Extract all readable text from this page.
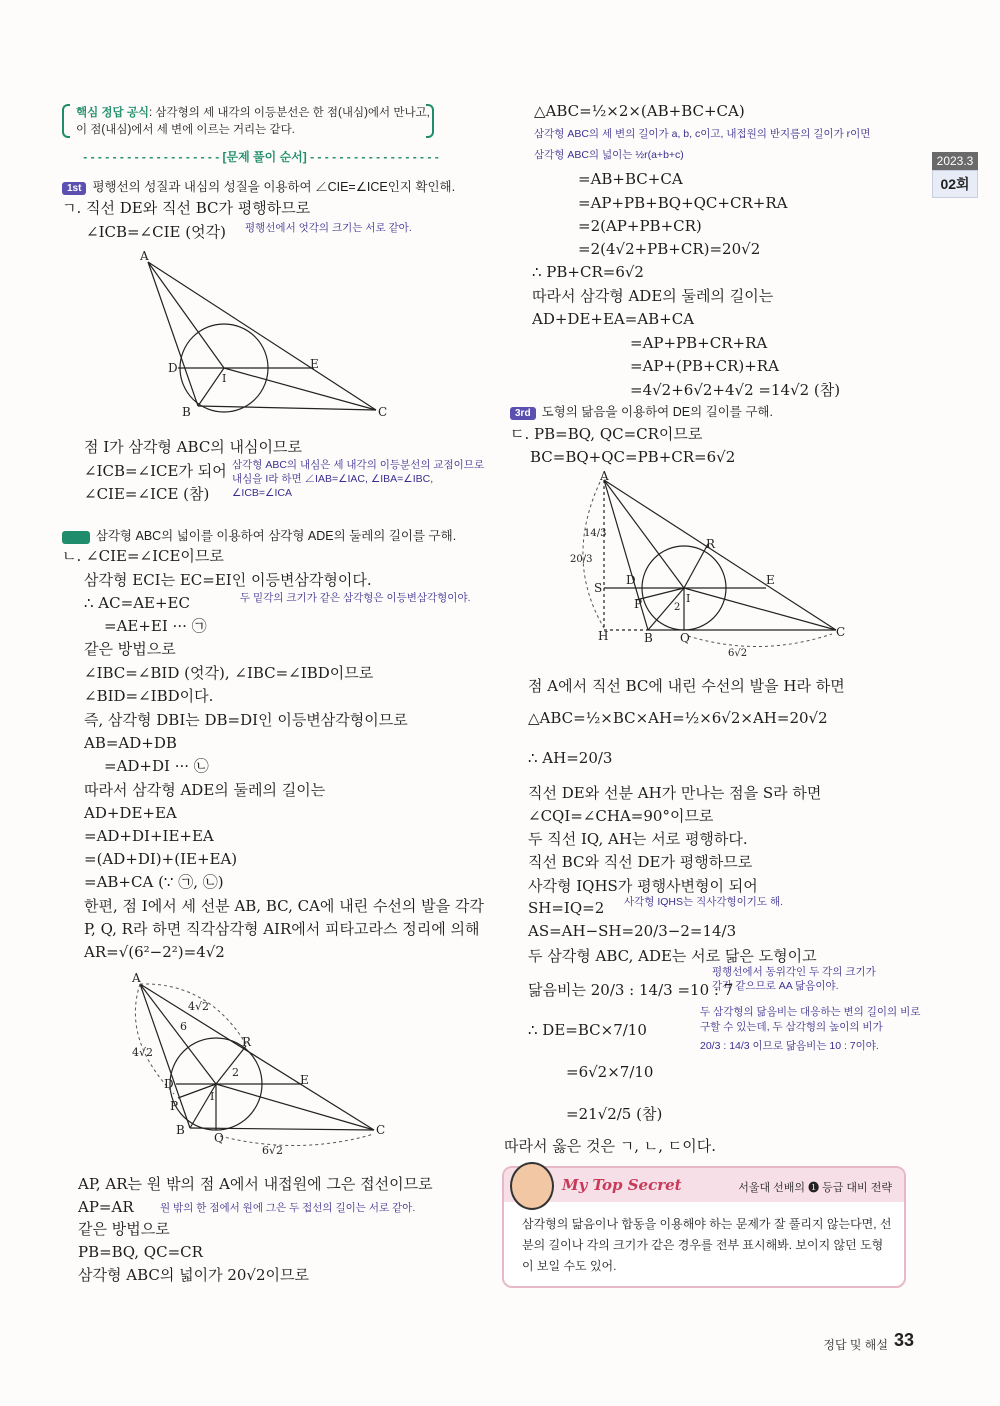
2023.3
02회
핵심 정답 공식: 삼각형의 세 내각의 이등분선은 한 점(내심)에서 만나고,
이 점(내심)에서 세 변에 이르는 거리는 같다.
- - - - - - - - - - - - - - - - - - - [문제 풀이 순서] - - - - - - - - - - - - - - - - - -
1st 평행선의 성질과 내심의 성질을 이용하여 ∠CIE=∠ICE인지 확인해.
ㄱ. 직선 DE와 직선 BC가 평행하므로
∠ICB=∠CIE (엇각) 평행선에서 엇각의 크기는 서로 같아.
A
B	C
D	E
I
점 I가 삼각형 ABC의 내심이므로
∠ICB=∠ICE가 되어
∠CIE=∠ICE (참)
삼각형 ABC의 내심은 세 내각의 이등분선의 교점이므로
내심을 I라 하면 ∠IAB=∠IAC, ∠IBA=∠IBC,
∠ICB=∠ICA
2nd 삼각형 ABC의 넓이를 이용하여 삼각형 ADE의 둘레의 길이를 구해.
ㄴ. ∠CIE=∠ICE이므로
삼각형 ECI는 EC=EI인 이등변삼각형이다.
∴ AC=AE+EC	두 밑각의 크기가 같은 삼각형은 이등변삼각형이야.
=AE+EI ··· ㉠
같은 방법으로
∠IBC=∠BID (엇각), ∠IBC=∠IBD이므로
∠BID=∠IBD이다.
즉, 삼각형 DBI는 DB=DI인 이등변삼각형이므로
AB=AD+DB
=AD+DI ··· ㉡
따라서 삼각형 ADE의 둘레의 길이는
AD+DE+EA
=AD+DI+IE+EA
=(AD+DI)+(IE+EA)
=AB+CA (∵ ㉠, ㉡)
한편, 점 I에서 세 선분 AB, BC, CA에 내린 수선의 발을 각각
P, Q, R라 하면 직각삼각형 AIR에서 피타고라스 정리에 의해
AR=√(6²−2²)=4√2
A
B	C
D	E
I
P
Q
R
4√2
4√2
6
2
6√2
AP, AR는 원 밖의 점 A에서 내접원에 그은 접선이므로
AP=AR	원 밖의 한 점에서 원에 그은 두 접선의 길이는 서로 같아.
같은 방법으로
PB=BQ, QC=CR
삼각형 ABC의 넓이가 20√2이므로
△ABC=½×2×(AB+BC+CA)
삼각형 ABC의 세 변의 길이가 a, b, c이고, 내접원의 반지름의 길이가 r이면
삼각형 ABC의 넓이는 ½r(a+b+c)
=AB+BC+CA
=AP+PB+BQ+QC+CR+RA
=2(AP+PB+CR)
=2(4√2+PB+CR)=20√2
∴ PB+CR=6√2
따라서 삼각형 ADE의 둘레의 길이는
AD+DE+EA=AB+CA
=AP+PB+CR+RA
=AP+(PB+CR)+RA
=4√2+6√2+4√2 =14√2 (참)
3rd 도형의 닮음을 이용하여 DE의 길이를 구해.
ㄷ. PB=BQ, QC=CR이므로
BC=BQ+QC=PB+CR=6√2
A
B	C
D	E
I
P
Q
R
H
S
14/3
20/3
2
6√2
점 A에서 직선 BC에 내린 수선의 발을 H라 하면
△ABC=½×BC×AH=½×6√2×AH=20√2
∴ AH=20/3
직선 DE와 선분 AH가 만나는 점을 S라 하면
∠CQI=∠CHA=90°이므로
두 직선 IQ, AH는 서로 평행하다.
직선 BC와 직선 DE가 평행하므로
사각형 IQHS가 평행사변형이 되어
SH=IQ=2 사각형 IQHS는 직사각형이기도 해.
AS=AH−SH=20/3−2=14/3
두 삼각형 ABC, ADE는 서로 닮은 도형이고
평행선에서 동위각인 두 각의 크기가
각각 같으므로 AA 닮음이야.
닮음비는 20/3 : 14/3 =10 : 7
두 삼각형의 닮음비는 대응하는 변의 길이의 비로
구할 수 있는데, 두 삼각형의 높이의 비가
20/3 : 14/3 이므로 닮음비는 10 : 7이야.
∴ DE=BC×7/10
=6√2×7/10
=21√2/5 (참)
따라서 옳은 것은 ㄱ, ㄴ, ㄷ이다.
My Top Secret	서울대 선배의 ❶ 등급 대비 전략
삼각형의 닮음이나 합동을 이용해야 하는 문제가 잘 풀리지 않는다면, 선분의 길이나 각의 크기가 같은 경우를 전부 표시해봐. 보이지 않던 도형이 보일 수도 있어.
정답 및 해설 33
